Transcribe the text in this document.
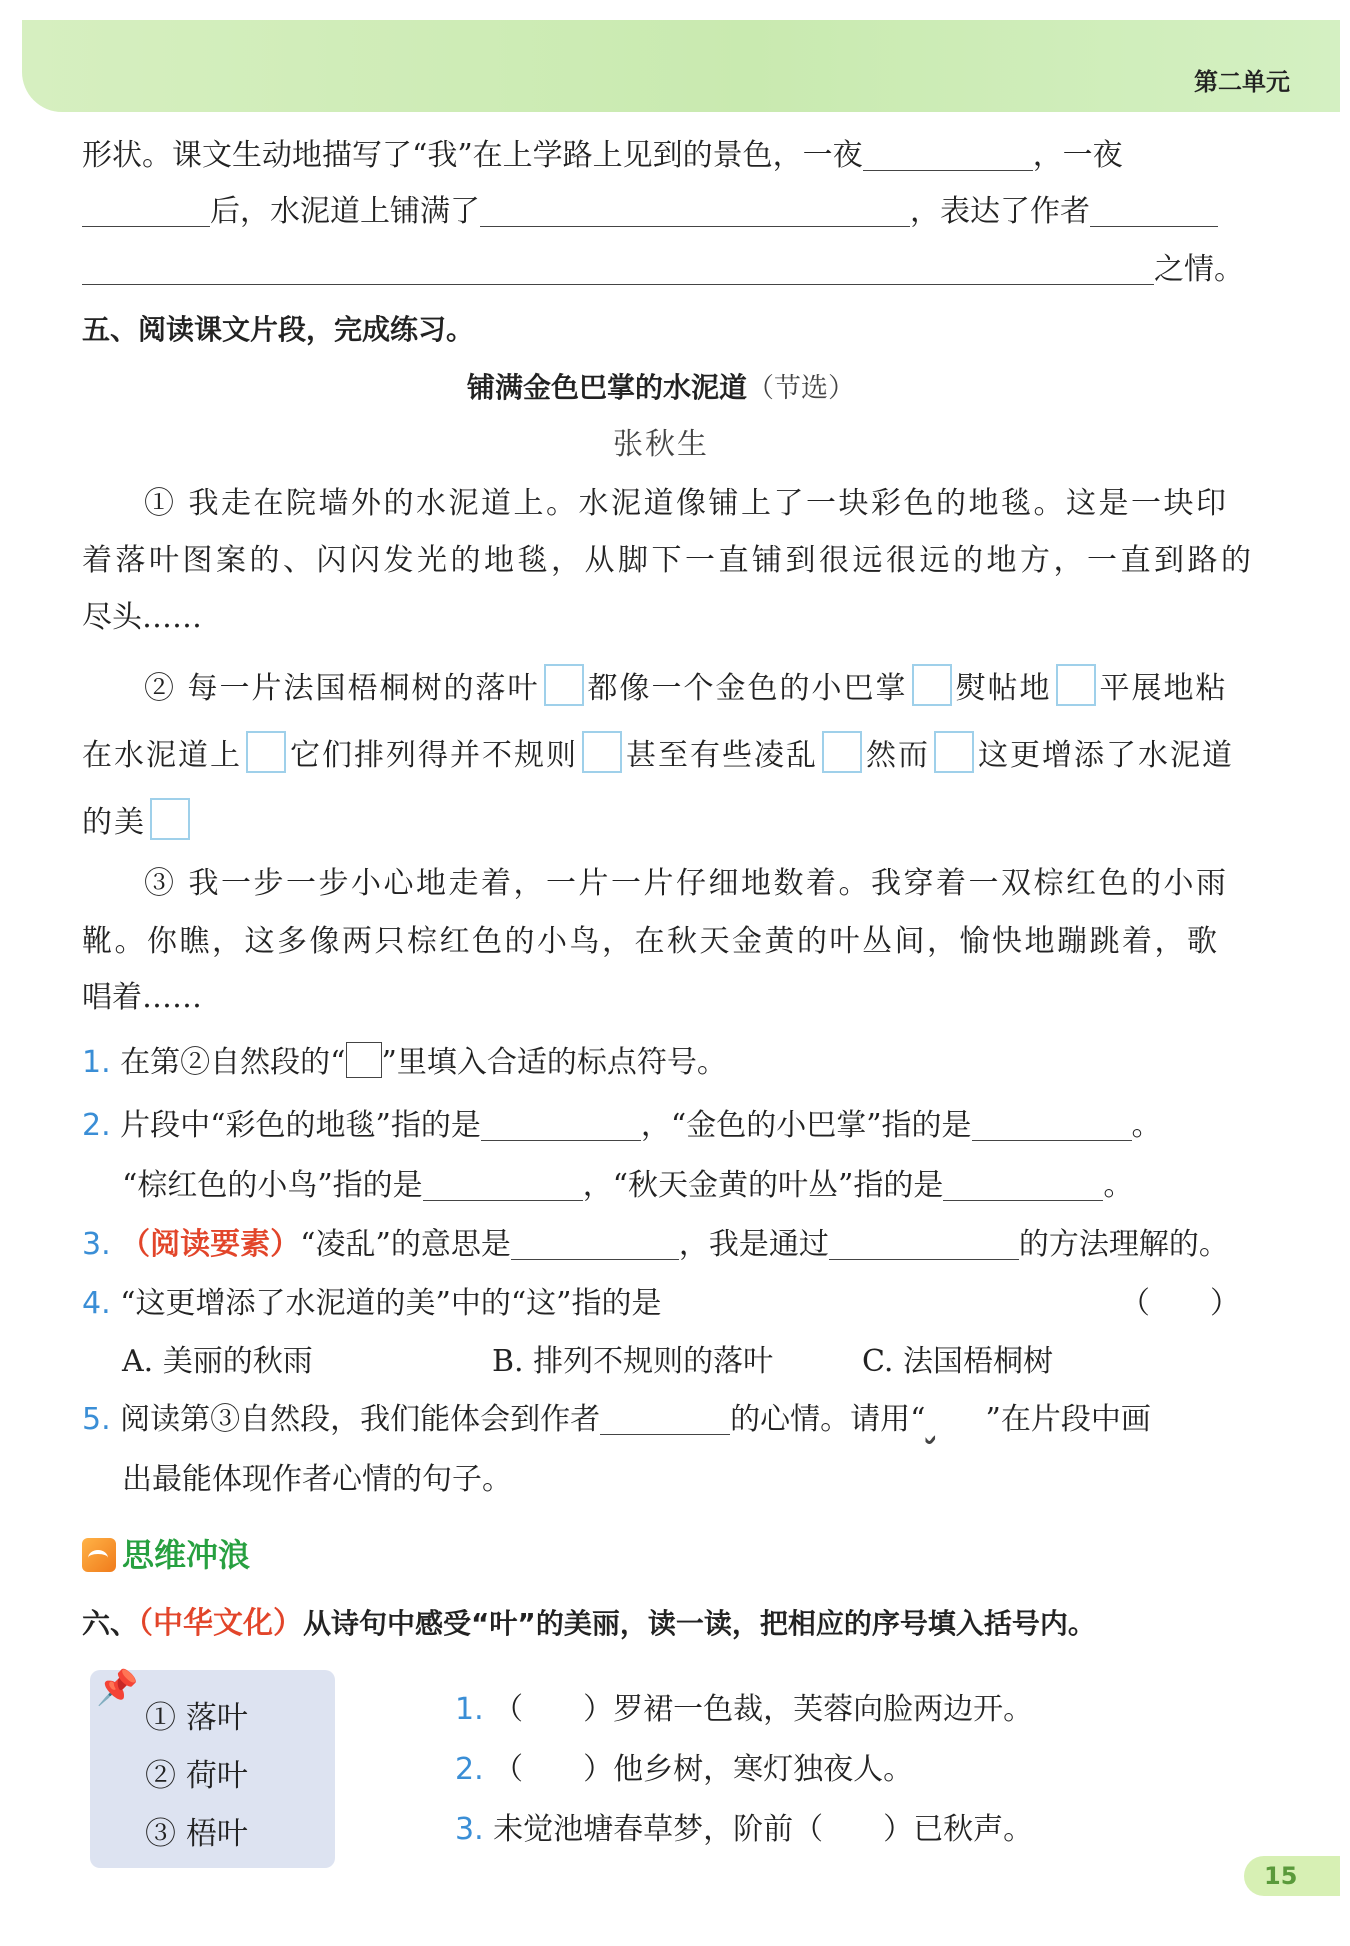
第二单元
形状。课文生动地描写了“我”在上学路上见到的景色，一夜	，一夜
后，水泥道上铺满了	，表达了作者
之情。
五、阅读课文片段，完成练习。
铺满金色巴掌的水泥道（节选）
张秋生
① 我走在院墙外的水泥道上。水泥道像铺上了一块彩色的地毯。这是一块印
着落叶图案的、闪闪发光的地毯，从脚下一直铺到很远很远的地方，一直到路的
尽头……
② 每一片法国梧桐树的落叶 都像一个金色的小巴掌 熨帖地 平展地粘
在水泥道上 它们排列得并不规则 甚至有些凌乱 然而 这更增添了水泥道
的美
③ 我一步一步小心地走着，一片一片仔细地数着。我穿着一双棕红色的小雨
靴。你瞧，这多像两只棕红色的小鸟，在秋天金黄的叶丛间，愉快地蹦跳着，歌
唱着……
1. 在第②自然段的“ ”里填入合适的标点符号。
2. 片段中“彩色的地毯”指的是	，“金色的小巴掌”指的是	。
“棕红色的小鸟”指的是	，“秋天金黄的叶丛”指的是	。
3. （阅读要素）“凌乱”的意思是	，我是通过	的方法理解的。
4. “这更增添了水泥道的美”中的“这”指的是	（　　）
A. 美丽的秋雨	B. 排列不规则的落叶	C. 法国梧桐树
5. 阅读第③自然段，我们能体会到作者	的心情。请用“ ”在片段中画
出最能体现作者心情的句子。
思维冲浪
六、（中华文化）从诗句中感受“叶”的美丽，读一读，把相应的序号填入括号内。
📌
① 落叶
② 荷叶
③ 梧叶
1. （ ）罗裙一色裁，芙蓉向脸两边开。
2. （ ）他乡树，寒灯独夜人。
3. 未觉池塘春草梦，阶前（ ）已秋声。
15
